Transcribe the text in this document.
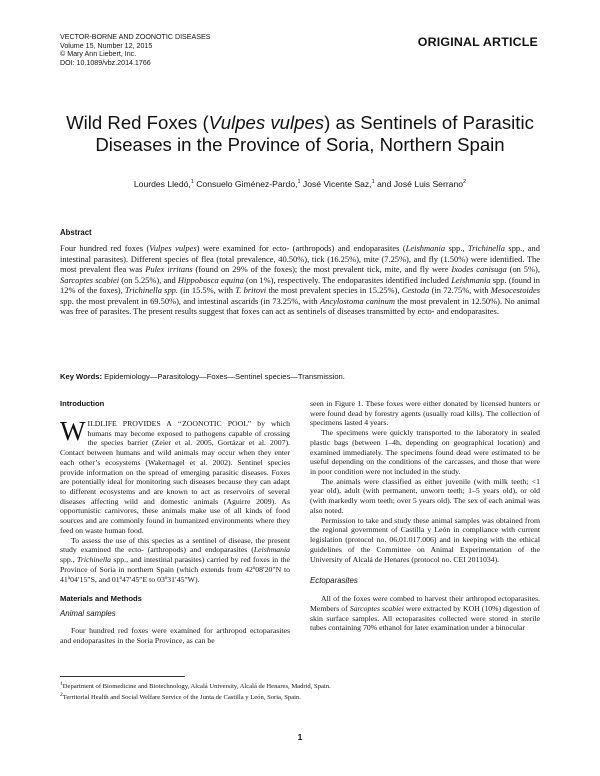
VECTOR-BORNE AND ZOONOTIC DISEASES
Volume 15, Number 12, 2015
© Mary Ann Liebert, Inc.
DOI: 10.1089/vbz.2014.1766
ORIGINAL ARTICLE
Wild Red Foxes (Vulpes vulpes) as Sentinels of Parasitic
Diseases in the Province of Soria, Northern Spain
Lourdes Lledó,$^1$ Consuelo Giménez-Pardo,$^1$ José Vicente Saz,$^1$ and José Luis Serrano$^2$
Abstract

Four hundred red foxes (Vulpes vulpes) were examined for ecto- (arthropods) and endoparasites (Leishmania spp., Trichinella spp., and intestinal parasites). Different species of flea (total prevalence, 40.50%), tick (16.25%), mite (7.25%), and fly (1.50%) were identified. The most prevalent flea was Pulex irritans (found on 29% of the foxes); the most prevalent tick, mite, and fly were Ixodes canisuga (on 5%), Sarcoptes scabiei (on 5.25%), and Hippobosca equina (on 1%), respectively. The endoparasites identified included Leishmania spp. (found in 12% of the foxes), Trichinella spp. (in 15.5%, with T. britovi the most prevalent species in 15.25%), Cestoda (in 72.75%, with Mesocestoides spp. the most prevalent in 69.50%), and intestinal ascarids (in 73.25%, with Ancylostoma caninum the most prevalent in 12.50%). No animal was free of parasites. The present results suggest that foxes can act as sentinels of diseases transmitted by ecto- and endoparasites.

Key Words: Epidemiology—Parasitology—Foxes—Sentinel species—Transmission.
Introduction

WILDLIFE PROVIDES A ‘‘ZOONOTIC POOL’’ by which humans may become exposed to pathogens capable of crossing the species barrier (Zeier et al. 2005, Gortázar et al. 2007). Contact between humans and wild animals may occur when they enter each other’s ecosystems (Wakernagel et al. 2002). Sentinel species provide information on the spread of emerging parasitic diseases. Foxes are potentially ideal for monitoring such diseases because they can adapt to different ecosystems and are known to act as reservoirs of several diseases affecting wild and domestic animals (Aguirre 2009). As opportunistic carnivores, these animals make use of all kinds of food sources and are commonly found in humanized environments where they feed on waste human food.

To assess the use of this species as a sentinel of disease, the present study examined the ecto- (arthropods) and endoparasites (Leishmania spp., Trichinella spp., and intestinal parasites) carried by red foxes in the Province of Soria in northern Spain (which extends from 42º08′20″N to 41º04′15″S, and 01º47′45″E to 03º31′45″W).

Materials and Methods
Animal samples

Four hundred red foxes were examined for arthropod ectoparasites and endoparasites in the Soria Province, as can be

seen in Figure 1. These foxes were either donated by licensed hunters or were found dead by forestry agents (usually road kills). The collection of specimens lasted 4 years.

The specimens were quickly transported to the laboratory in sealed plastic bags (between 1–4h, depending on geographical location) and examined immediately. The specimens found dead were estimated to be useful depending on the conditions of the carcasses, and those that were in poor condition were not included in the study.

The animals were classified as either juvenile (with milk teeth; <1 year old), adult (with permanent, unworn teeth; 1–5 years old), or old (with markedly worn teeth; over 5 years old). The sex of each animal was also noted.

Permission to take and study these animal samples was obtained from the regional government of Castilla y León in compliance with current legislation (protocol no. 06.01.017.006) and in keeping with the ethical guidelines of the Committee on Animal Experimentation of the University of Alcalá de Henares (protocol no. CEI 2011034).

Ectoparasites

All of the foxes were combed to harvest their arthropod ectoparasites. Members of Sarcoptes scabiei were extracted by KOH (10%) digestion of skin surface samples. All ectoparasites collected were stored in sterile tubes containing 70% ethanol for later examination under a binocular

$^1$Department of Biomedicine and Biotechnology, Alcalá University, Alcalá de Henares, Madrid, Spain.
$^2$Territorial Health and Social Welfare Service of the Junta de Castilla y León, Soria, Spain.
1
